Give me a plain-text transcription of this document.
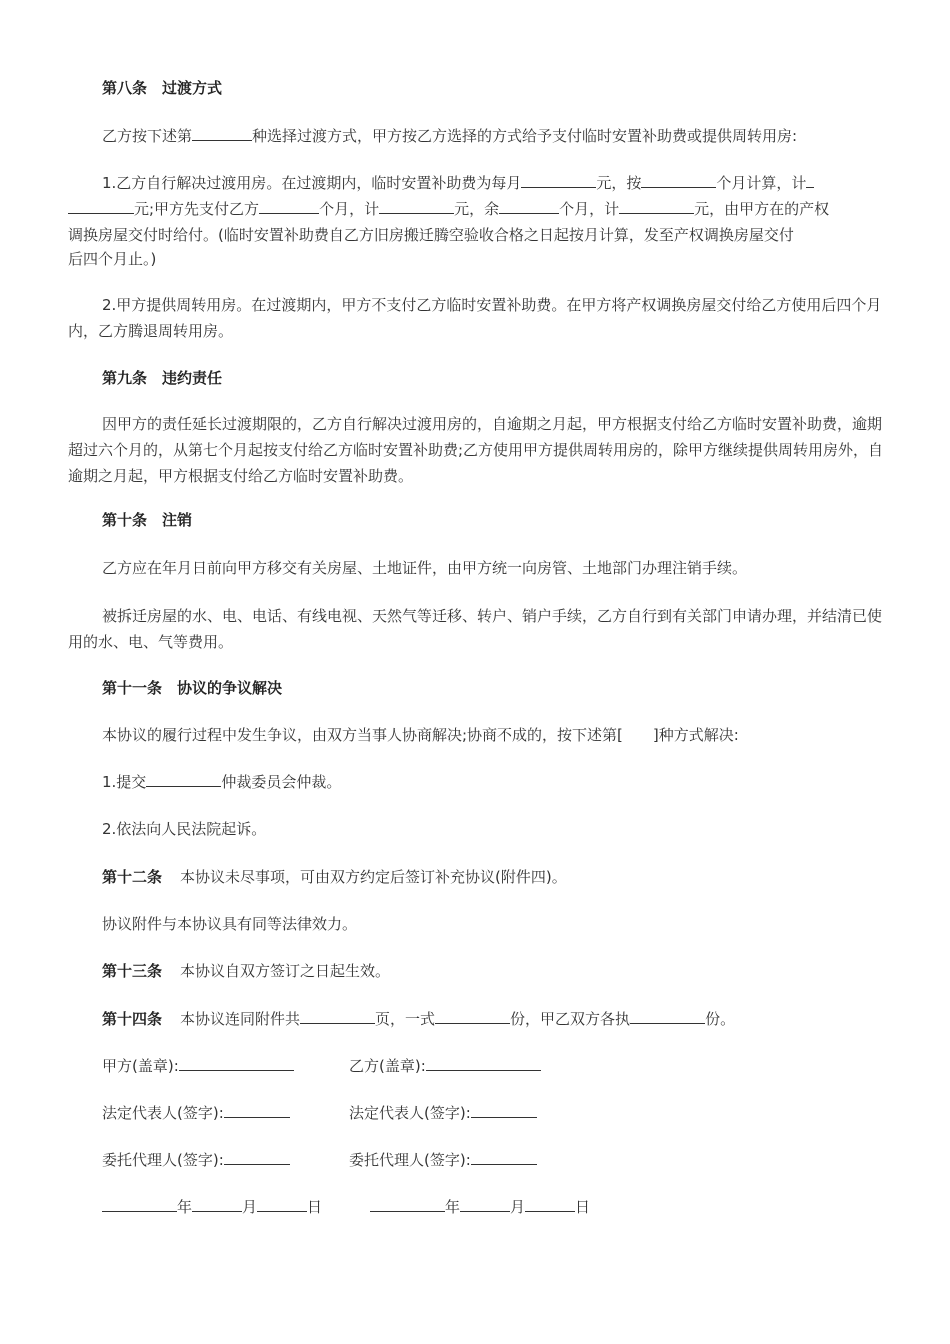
第八条　过渡方式

乙方按下述第	种选择过渡方式，甲方按乙方选择的方式给予支付临时安置补助费或提供周转用房:

1.乙方自行解决过渡用房。在过渡期内，临时安置补助费为每月	元，按	个月计算，计

元;甲方先支付乙方	个月，计	元，余	个月，计	元，由甲方在的产权

调换房屋交付时给付。(临时安置补助费自乙方旧房搬迁腾空验收合格之日起按月计算，发至产权调换房屋交付

后四个月止。)

2.甲方提供周转用房。在过渡期内，甲方不支付乙方临时安置补助费。在甲方将产权调换房屋交付给乙方使用后四个月内，乙方腾退周转用房。

第九条　违约责任

因甲方的责任延长过渡期限的，乙方自行解决过渡用房的，自逾期之月起，甲方根据支付给乙方临时安置补助费，逾期超过六个月的，从第七个月起按支付给乙方临时安置补助费;乙方使用甲方提供周转用房的，除甲方继续提供周转用房外，自逾期之月起，甲方根据支付给乙方临时安置补助费。

第十条　注销

乙方应在年月日前向甲方移交有关房屋、土地证件，由甲方统一向房管、土地部门办理注销手续。

被拆迁房屋的水、电、电话、有线电视、天然气等迁移、转户、销户手续，乙方自行到有关部门申请办理，并结清已使用的水、电、气等费用。

第十一条　协议的争议解决

本协议的履行过程中发生争议，由双方当事人协商解决;协商不成的，按下述第[　　]种方式解决:

1.提交	仲裁委员会仲裁。

2.依法向人民法院起诉。

第十二条 本协议未尽事项，可由双方约定后签订补充协议(附件四)。

协议附件与本协议具有同等法律效力。

第十三条 本协议自双方签订之日起生效。

第十四条 本协议连同附件共	页，一式	份，甲乙双方各执	份。

甲方(盖章):	乙方(盖章):
法定代表人(签字):	法定代表人(签字):
委托代理人(签字):	委托代理人(签字):
年	月	日	年	月	日
